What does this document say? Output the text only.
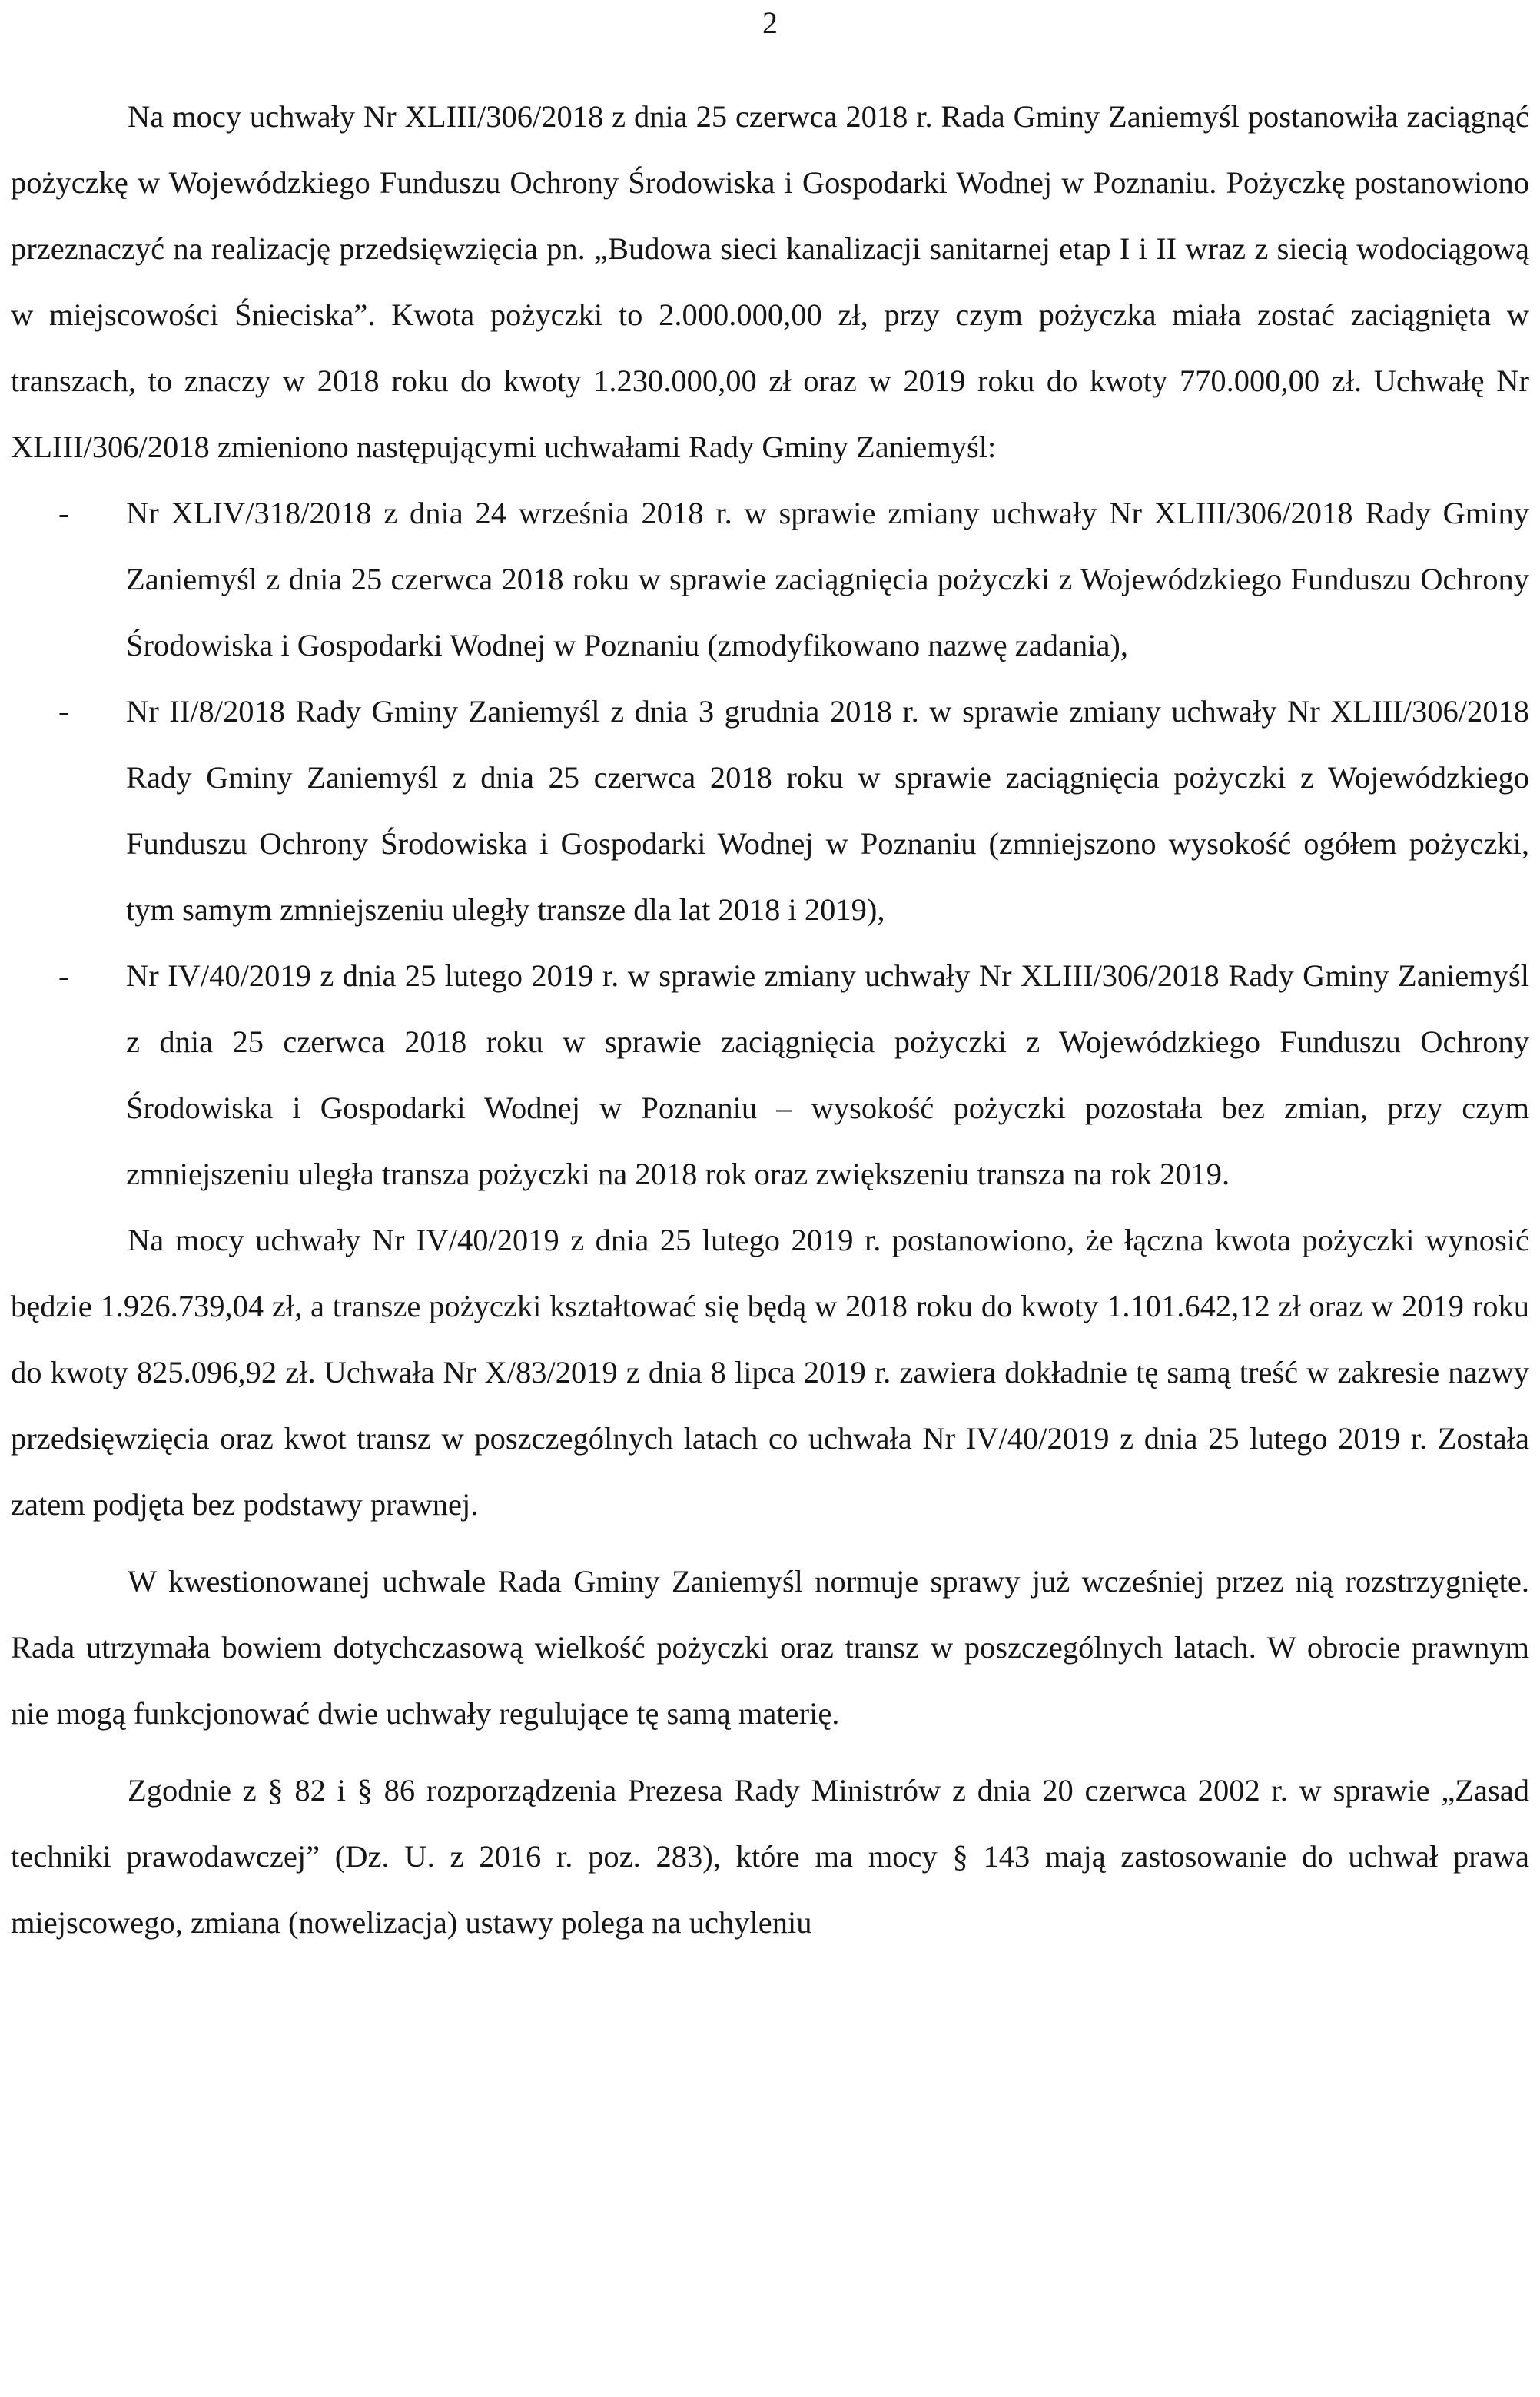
2

Na mocy uchwały Nr XLIII/306/2018 z dnia 25 czerwca 2018 r. Rada Gminy Zaniemyśl postanowiła zaciągnąć pożyczkę w Wojewódzkiego Funduszu Ochrony Środowiska i Gospodarki Wodnej w Poznaniu. Pożyczkę postanowiono przeznaczyć na realizację przedsięwzięcia pn. „Budowa sieci kanalizacji sanitarnej etap I i II wraz z siecią wodociągową w miejscowości Śnieciska”. Kwota pożyczki to 2.000.000,00 zł, przy czym pożyczka miała zostać zaciągnięta w transzach, to znaczy w 2018 roku do kwoty 1.230.000,00 zł oraz w 2019 roku do kwoty 770.000,00 zł. Uchwałę Nr XLIII/306/2018 zmieniono następującymi uchwałami Rady Gminy Zaniemyśl:

- Nr XLIV/318/2018 z dnia 24 września 2018 r. w sprawie zmiany uchwały Nr XLIII/306/2018 Rady Gminy Zaniemyśl z dnia 25 czerwca 2018 roku w sprawie zaciągnięcia pożyczki z Wojewódzkiego Funduszu Ochrony Środowiska i Gospodarki Wodnej w Poznaniu (zmodyfikowano nazwę zadania),
- Nr II/8/2018 Rady Gminy Zaniemyśl z dnia 3 grudnia 2018 r. w sprawie zmiany uchwały Nr XLIII/306/2018 Rady Gminy Zaniemyśl z dnia 25 czerwca 2018 roku w sprawie zaciągnięcia pożyczki z Wojewódzkiego Funduszu Ochrony Środowiska i Gospodarki Wodnej w Poznaniu (zmniejszono wysokość ogółem pożyczki, tym samym zmniejszeniu uległy transze dla lat 2018 i 2019),
- Nr IV/40/2019 z dnia 25 lutego 2019 r. w sprawie zmiany uchwały Nr XLIII/306/2018 Rady Gminy Zaniemyśl z dnia 25 czerwca 2018 roku w sprawie zaciągnięcia pożyczki z Wojewódzkiego Funduszu Ochrony Środowiska i Gospodarki Wodnej w Poznaniu – wysokość pożyczki pozostała bez zmian, przy czym zmniejszeniu uległa transza pożyczki na 2018 rok oraz zwiększeniu transza na rok 2019.

Na mocy uchwały Nr IV/40/2019 z dnia 25 lutego 2019 r. postanowiono, że łączna kwota pożyczki wynosić będzie 1.926.739,04 zł, a transze pożyczki kształtować się będą w 2018 roku do kwoty 1.101.642,12 zł oraz w 2019 roku do kwoty 825.096,92 zł. Uchwała Nr X/83/2019 z dnia 8 lipca 2019 r. zawiera dokładnie tę samą treść w zakresie nazwy przedsięwzięcia oraz kwot transz w poszczególnych latach co uchwała Nr IV/40/2019 z dnia 25 lutego 2019 r. Została zatem podjęta bez podstawy prawnej.

W kwestionowanej uchwale Rada Gminy Zaniemyśl normuje sprawy już wcześniej przez nią rozstrzygnięte. Rada utrzymała bowiem dotychczasową wielkość pożyczki oraz transz w poszczególnych latach. W obrocie prawnym nie mogą funkcjonować dwie uchwały regulujące tę samą materię.

Zgodnie z § 82 i § 86 rozporządzenia Prezesa Rady Ministrów z dnia 20 czerwca 2002 r. w sprawie „Zasad techniki prawodawczej” (Dz. U. z 2016 r. poz. 283), które ma mocy § 143 mają zastosowanie do uchwał prawa miejscowego, zmiana (nowelizacja) ustawy polega na uchyleniu
